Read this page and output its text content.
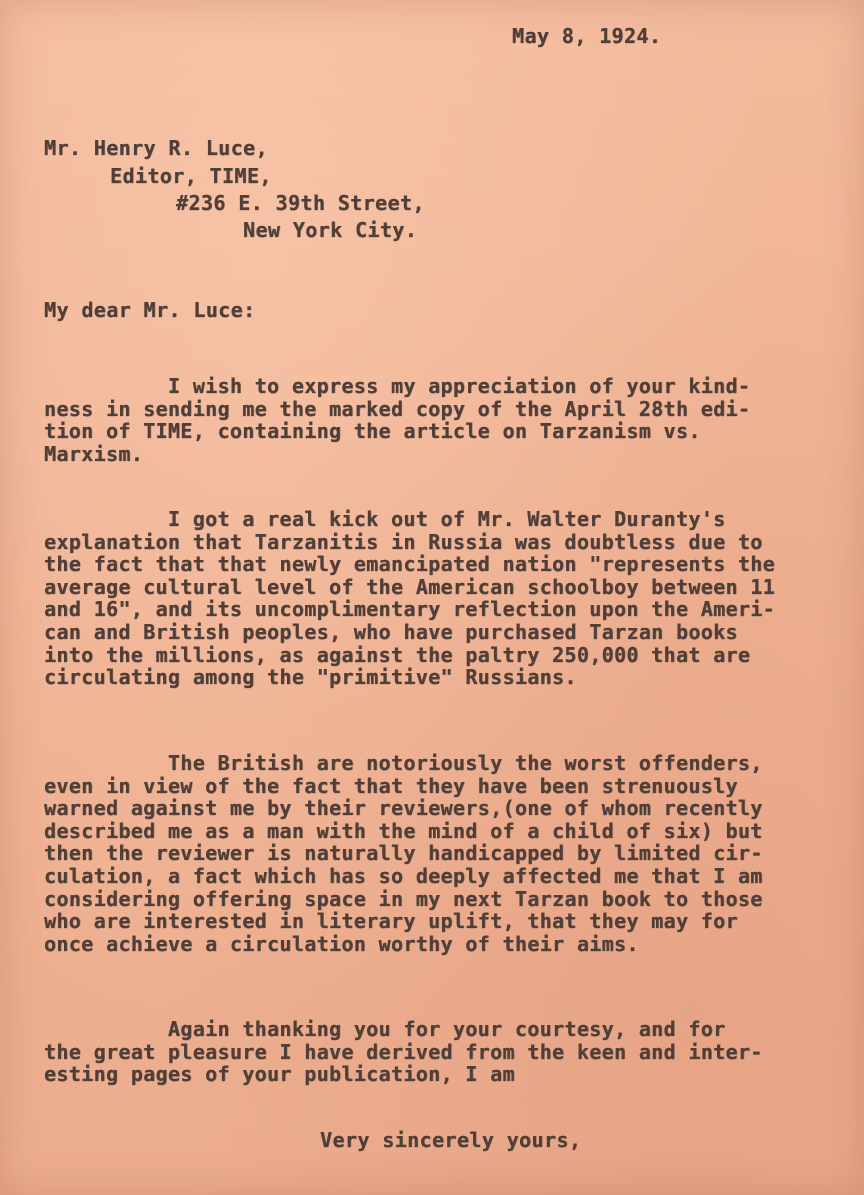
May 8, 1924.
Mr. Henry R. Luce,
Editor, TIME,
#236 E. 39th Street,
New York City.
My dear Mr. Luce:
I wish to express my appreciation of your kind-
ness in sending me the marked copy of the April 28th edi-
tion of TIME, containing the article on Tarzanism vs.
Marxism.
I got a real kick out of Mr. Walter Duranty's
explanation that Tarzanitis in Russia was doubtless due to
the fact that that newly emancipated nation "represents the
average cultural level of the American schoolboy between 11
and 16", and its uncomplimentary reflection upon the Ameri-
can and British peoples, who have purchased Tarzan books
into the millions, as against the paltry 250,000 that are
circulating among the "primitive" Russians.
The British are notoriously the worst offenders,
even in view of the fact that they have been strenuously
warned against me by their reviewers,(one of whom recently
described me as a man with the mind of a child of six) but
then the reviewer is naturally handicapped by limited cir-
culation, a fact which has so deeply affected me that I am
considering offering space in my next Tarzan book to those
who are interested in literary uplift, that they may for
once achieve a circulation worthy of their aims.
Again thanking you for your courtesy, and for
the great pleasure I have derived from the keen and inter-
esting pages of your publication, I am
Very sincerely yours,
